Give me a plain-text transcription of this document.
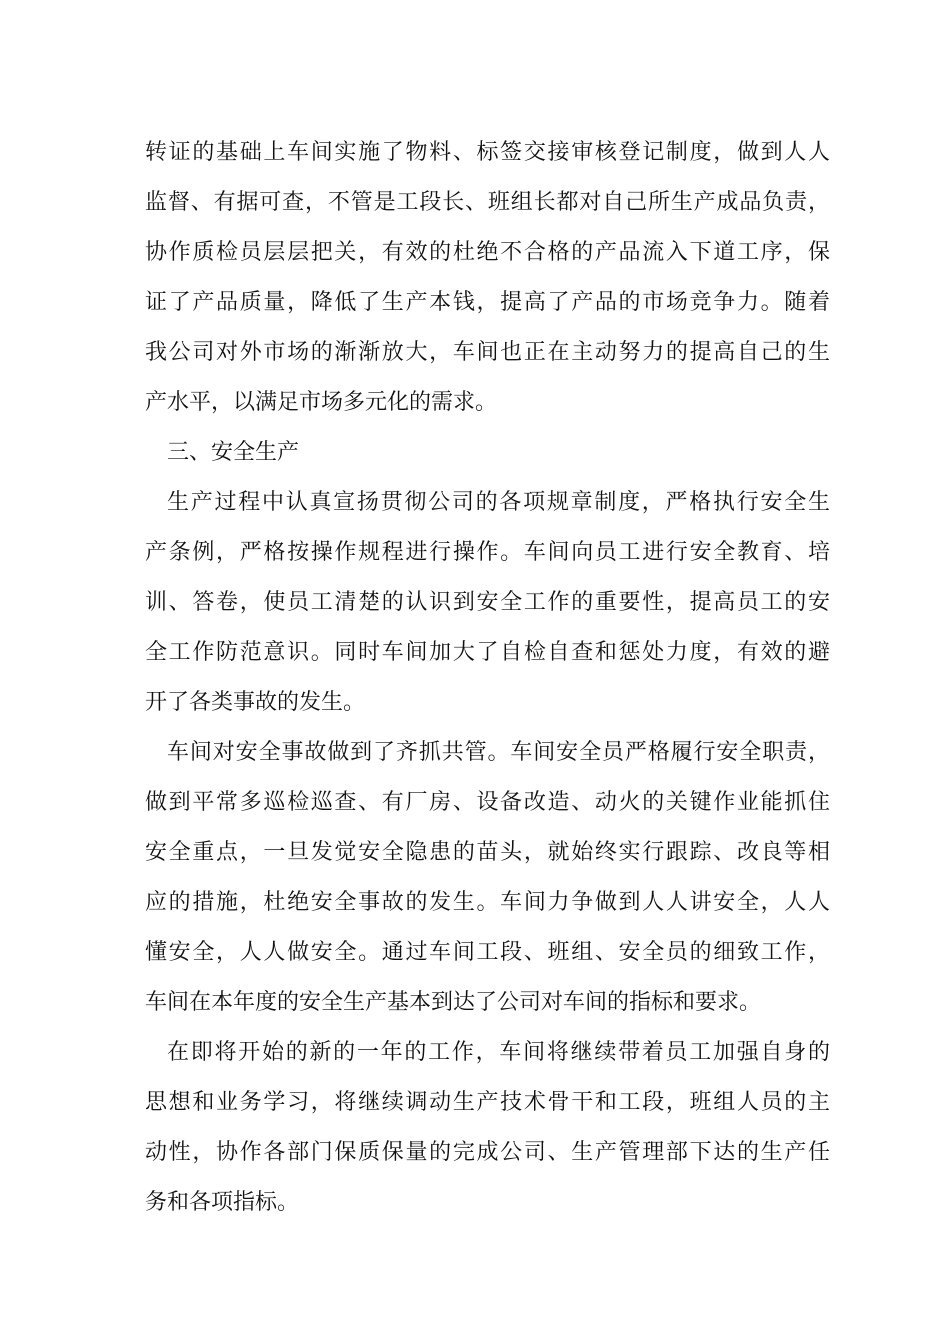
转证的基础上车间实施了物料、标签交接审核登记制度，做到人人
监督、有据可查，不管是工段长、班组长都对自己所生产成品负责，
协作质检员层层把关，有效的杜绝不合格的产品流入下道工序，保
证了产品质量，降低了生产本钱，提高了产品的市场竞争力。随着
我公司对外市场的渐渐放大，车间也正在主动努力的提高自己的生
产水平，以满足市场多元化的需求。
三、安全生产
生产过程中认真宣扬贯彻公司的各项规章制度，严格执行安全生
产条例，严格按操作规程进行操作。车间向员工进行安全教育、培
训、答卷，使员工清楚的认识到安全工作的重要性，提高员工的安
全工作防范意识。同时车间加大了自检自查和惩处力度，有效的避
开了各类事故的发生。
车间对安全事故做到了齐抓共管。车间安全员严格履行安全职责，
做到平常多巡检巡查、有厂房、设备改造、动火的关键作业能抓住
安全重点，一旦发觉安全隐患的苗头，就始终实行跟踪、改良等相
应的措施，杜绝安全事故的发生。车间力争做到人人讲安全，人人
懂安全，人人做安全。通过车间工段、班组、安全员的细致工作，
车间在本年度的安全生产基本到达了公司对车间的指标和要求。
在即将开始的新的一年的工作，车间将继续带着员工加强自身的
思想和业务学习，将继续调动生产技术骨干和工段，班组人员的主
动性，协作各部门保质保量的完成公司、生产管理部下达的生产任
务和各项指标。
